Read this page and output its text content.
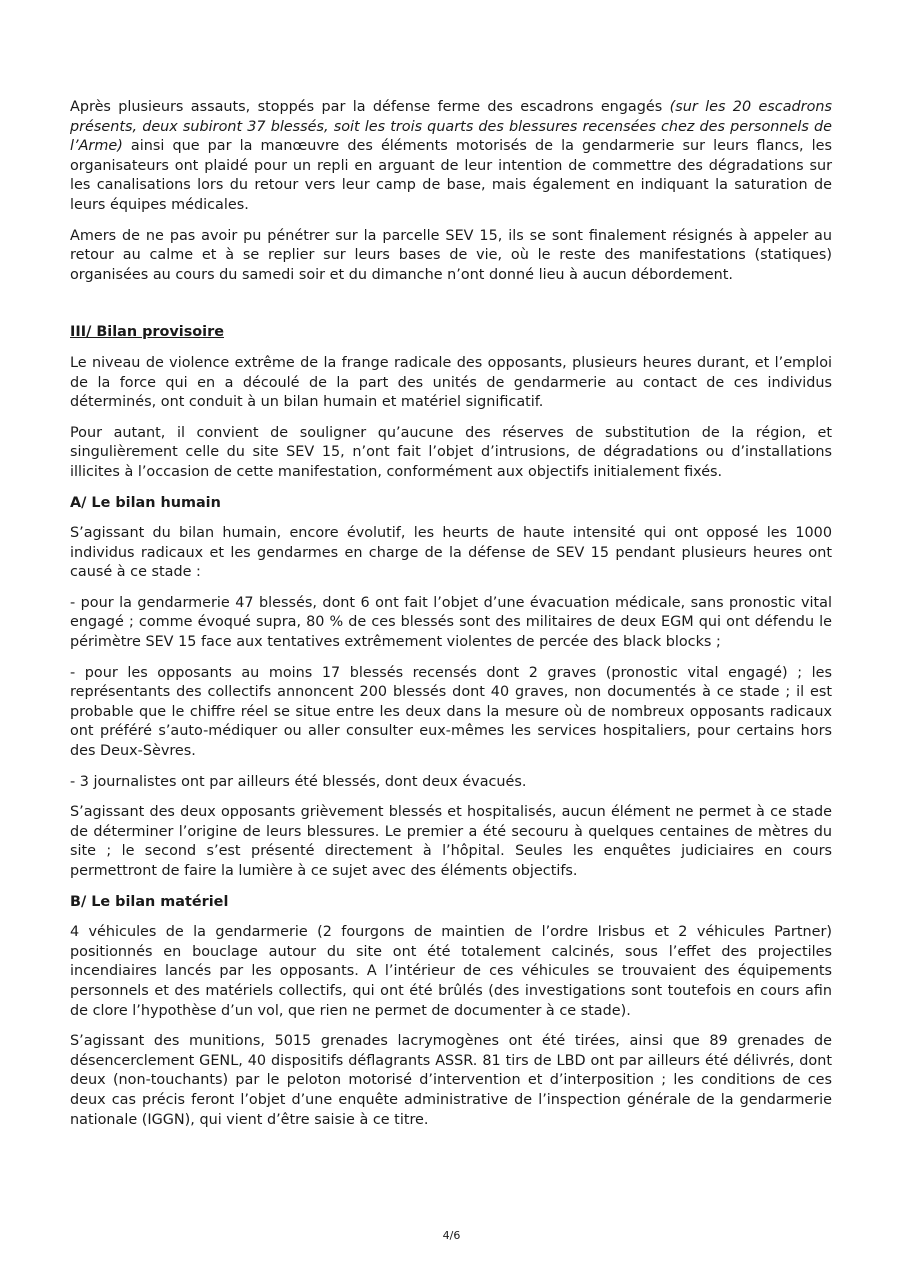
Après plusieurs assauts, stoppés par la défense ferme des escadrons engagés (sur les 20 escadrons présents, deux subiront 37 blessés, soit les trois quarts des blessures recensées chez des personnels de l’Arme) ainsi que par la manœuvre des éléments motorisés de la gendarmerie sur leurs flancs, les organisateurs ont plaidé pour un repli en arguant de leur intention de commettre des dégradations sur les canalisations lors du retour vers leur camp de base, mais également en indiquant la saturation de leurs équipes médicales.

Amers de ne pas avoir pu pénétrer sur la parcelle SEV 15, ils se sont finalement résignés à appeler au retour au calme et à se replier sur leurs bases de vie, où le reste des manifestations (statiques) organisées au cours du samedi soir et du dimanche n’ont donné lieu à aucun débordement.

III/ Bilan provisoire

Le niveau de violence extrême de la frange radicale des opposants, plusieurs heures durant, et l’emploi de la force qui en a découlé de la part des unités de gendarmerie au contact de ces individus déterminés, ont conduit à un bilan humain et matériel significatif.

Pour autant, il convient de souligner qu’aucune des réserves de substitution de la région, et singulièrement celle du site SEV 15, n’ont fait l’objet d’intrusions, de dégradations ou d’installations illicites à l’occasion de cette manifestation, conformément aux objectifs initialement fixés.

A/ Le bilan humain

S’agissant du bilan humain, encore évolutif, les heurts de haute intensité qui ont opposé les 1000 individus radicaux et les gendarmes en charge de la défense de SEV 15 pendant plusieurs heures ont causé à ce stade :

- pour la gendarmerie 47 blessés, dont 6 ont fait l’objet d’une évacuation médicale, sans pronostic vital engagé ; comme évoqué supra, 80 % de ces blessés sont des militaires de deux EGM qui ont défendu le périmètre SEV 15 face aux tentatives extrêmement violentes de percée des black blocks ;

- pour les opposants au moins 17 blessés recensés dont 2 graves (pronostic vital engagé) ; les représentants des collectifs annoncent 200 blessés dont 40 graves, non documentés à ce stade ; il est probable que le chiffre réel se situe entre les deux dans la mesure où de nombreux opposants radicaux ont préféré s’auto-médiquer ou aller consulter eux-mêmes les services hospitaliers, pour certains hors des Deux-Sèvres.

- 3 journalistes ont par ailleurs été blessés, dont deux évacués.

S’agissant des deux opposants grièvement blessés et hospitalisés, aucun élément ne permet à ce stade de déterminer l’origine de leurs blessures. Le premier a été secouru à quelques centaines de mètres du site ; le second s’est présenté directement à l’hôpital. Seules les enquêtes judiciaires en cours permettront de faire la lumière à ce sujet avec des éléments objectifs.

B/ Le bilan matériel

4 véhicules de la gendarmerie (2 fourgons de maintien de l’ordre Irisbus et 2 véhicules Partner) positionnés en bouclage autour du site ont été totalement calcinés, sous l’effet des projectiles incendiaires lancés par les opposants. A l’intérieur de ces véhicules se trouvaient des équipements personnels et des matériels collectifs, qui ont été brûlés (des investigations sont toutefois en cours afin de clore l’hypothèse d’un vol, que rien ne permet de documenter à ce stade).

S’agissant des munitions, 5015 grenades lacrymogènes ont été tirées, ainsi que 89 grenades de désencerclement GENL, 40 dispositifs déflagrants ASSR. 81 tirs de LBD ont par ailleurs été délivrés, dont deux (non-touchants) par le peloton motorisé d’intervention et d’interposition ; les conditions de ces deux cas précis feront l’objet d’une enquête administrative de l’inspection générale de la gendarmerie nationale (IGGN), qui vient d’être saisie à ce titre.

4/6
